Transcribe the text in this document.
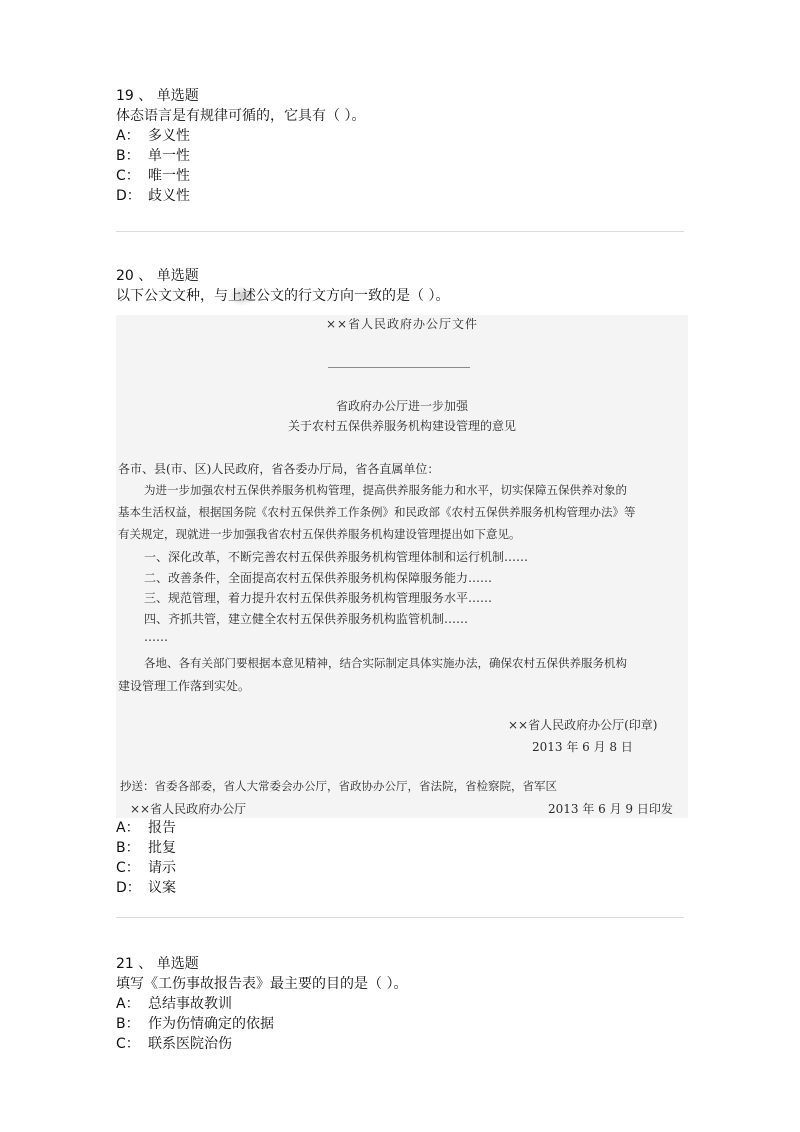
19 、 单选题
体态语言是有规律可循的，它具有（ ）。
A： 多义性
B： 单一性
C： 唯一性
D： 歧义性
20 、 单选题
以下公文文种，与上述公文的行文方向一致的是（ ）。
××省人民政府办公厅文件
省政府办公厅进一步加强
关于农村五保供养服务机构建设管理的意见
各市、县(市、区)人民政府，省各委办厅局，省各直属单位：
为进一步加强农村五保供养服务机构管理，提高供养服务能力和水平，切实保障五保供养对象的
基本生活权益，根据国务院《农村五保供养工作条例》和民政部《农村五保供养服务机构管理办法》等
有关规定，现就进一步加强我省农村五保供养服务机构建设管理提出如下意见。
一、深化改革，不断完善农村五保供养服务机构管理体制和运行机制……
二、改善条件，全面提高农村五保供养服务机构保障服务能力……
三、规范管理，着力提升农村五保供养服务机构管理服务水平……
四、齐抓共管，建立健全农村五保供养服务机构监管机制……
……
各地、各有关部门要根据本意见精神，结合实际制定具体实施办法，确保农村五保供养服务机构
建设管理工作落到实处。
××省人民政府办公厅(印章)
2013 年 6 月 8 日
抄送：省委各部委，省人大常委会办公厅，省政协办公厅，省法院，省检察院，省军区
××省人民政府办公厅	2013 年 6 月 9 日印发
A： 报告
B： 批复
C： 请示
D： 议案
21 、 单选题
填写《工伤事故报告表》最主要的目的是（ ）。
A： 总结事故教训
B： 作为伤情确定的依据
C： 联系医院治伤
